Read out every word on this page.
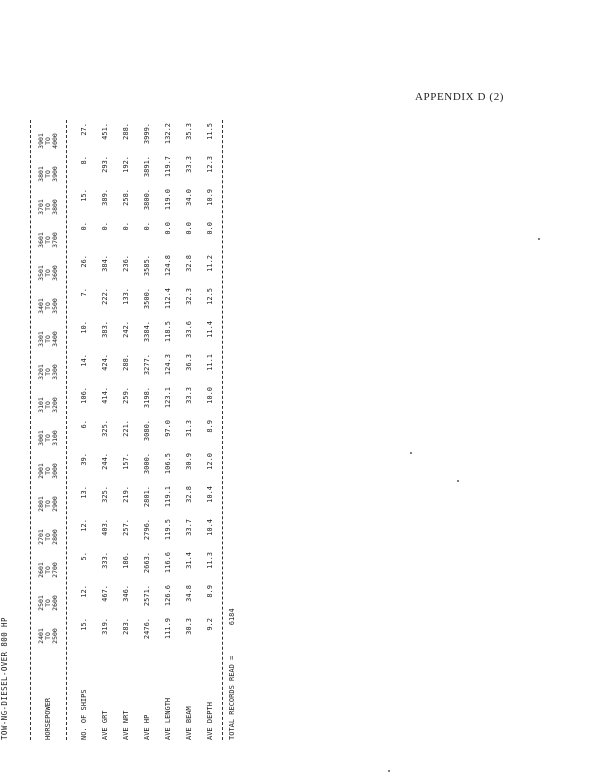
APPENDIX D (2)
TOW-NG-DIESEL-OVER 800 HP	HORSEPOWER
2401 TO 2500
2501 TO 2600
2601 TO 2700
2701 TO 2800
2801 TO 2900
2901 TO 3000
3001 TO 3100
3101 TO 3200
3201 TO 3300
3301 TO 3400
3401 TO 3500
3501 TO 3600
3601 TO 3700
3701 TO 3800
3801 TO 3900
3901 TO 4000
NO. OF SHIPS
15.
12.
5.
12.
13.
39.
6.
106.
14.
10.
7.
26.
0.
15.
8.
27.
AVE GRT
319.
467.
333.
403.
325.
244.
325.
414.
424.
383.
222.
384.
0.
389.
293.
451.
AVE NRT
283.
346.
186.
257.
219.
157.
221.
259.
288.
242.
133.
236.
0.
258.
192.
288.
AVE HP
2476.
2571.
2663.
2796.
2801.
3000.
3080.
3198.
3277.
3384.
3500.
3585.
0.
3800.
3891.
3999.
AVE LENGTH
111.9
126.6
116.6
119.5
119.1
106.5
97.0
123.1
124.3
118.5
112.4
124.8
0.0
119.0
119.7
132.2
AVE BEAM
30.3
34.8
31.4
33.7
32.8
30.9
31.3
33.3
36.3
33.6
32.3
32.8
0.0
34.0
33.3
35.3
AVE DEPTH
9.2
8.9
11.3
10.4
10.4
12.0
8.9
10.0
11.1
11.4
12.5
11.2
0.0
10.9
12.3
11.5
TOTAL RECORDS READ =  6184
